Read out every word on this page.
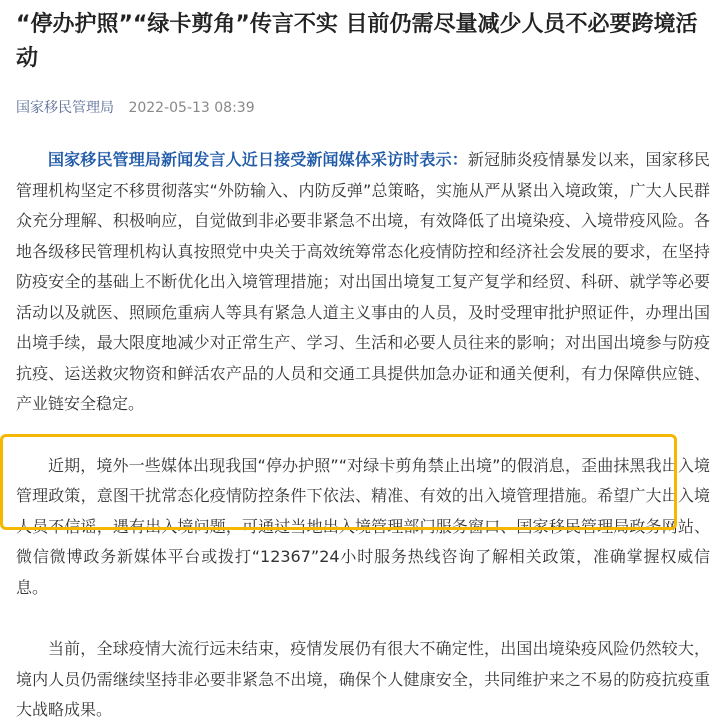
“停办护照”“绿卡剪角”传言不实 目前仍需尽量减少人员不必要跨境活动
国家移民管理局 2022-05-13 08:39

国家移民管理局新闻发言人近日接受新闻媒体采访时表示：新冠肺炎疫情暴发以来，国家移民管理机构坚定不移贯彻落实“外防输入、内防反弹”总策略，实施从严从紧出入境政策，广大人民群众充分理解、积极响应，自觉做到非必要非紧急不出境，有效降低了出境染疫、入境带疫风险。各地各级移民管理机构认真按照党中央关于高效统筹常态化疫情防控和经济社会发展的要求，在坚持防疫安全的基础上不断优化出入境管理措施；对出国出境复工复产复学和经贸、科研、就学等必要活动以及就医、照顾危重病人等具有紧急人道主义事由的人员，及时受理审批护照证件，办理出国出境手续，最大限度地减少对正常生产、学习、生活和必要人员往来的影响；对出国出境参与防疫抗疫、运送救灾物资和鲜活农产品的人员和交通工具提供加急办证和通关便利，有力保障供应链、产业链安全稳定。

近期，境外一些媒体出现我国“停办护照”“对绿卡剪角禁止出境”的假消息，歪曲抹黑我出入境管理政策，意图干扰常态化疫情防控条件下依法、精准、有效的出入境管理措施。希望广大出入境人员不信谣，遇有出入境问题，可通过当地出入境管理部门服务窗口、国家移民管理局政务网站、微信微博政务新媒体平台或拨打“12367”24小时服务热线咨询了解相关政策，准确掌握权威信息。

当前，全球疫情大流行远未结束，疫情发展仍有很大不确定性，出国出境染疫风险仍然较大，境内人员仍需继续坚持非必要非紧急不出境，确保个人健康安全，共同维护来之不易的防疫抗疫重大战略成果。
